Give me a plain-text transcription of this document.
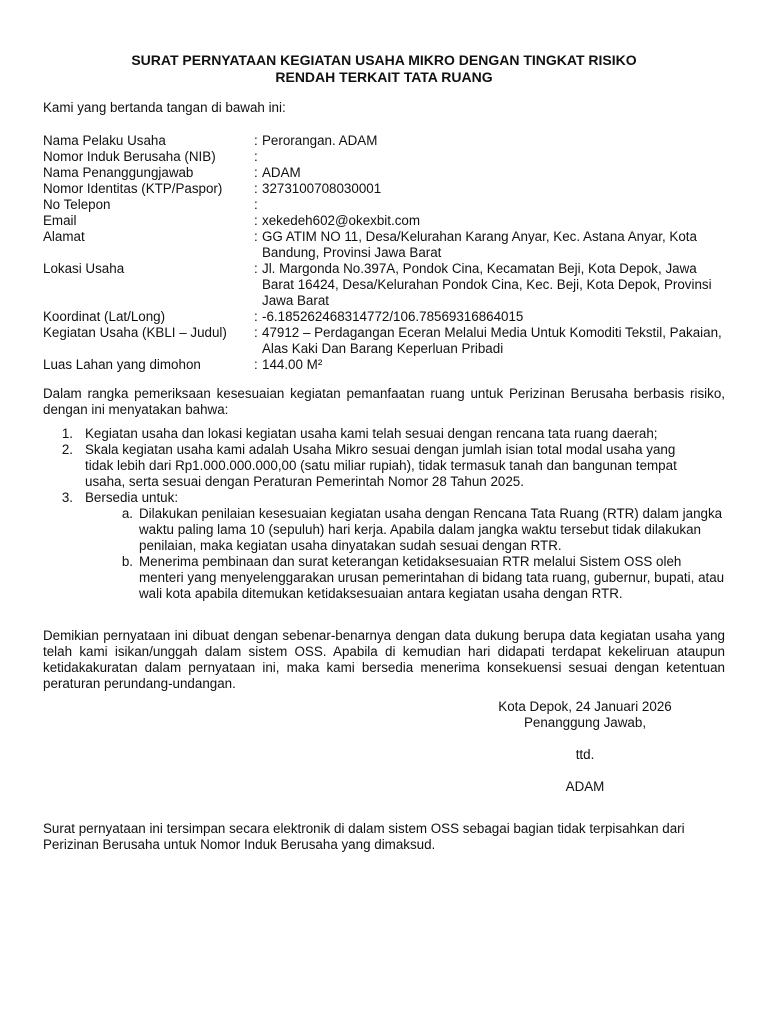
SURAT PERNYATAAN KEGIATAN USAHA MIKRO DENGAN TINGKAT RISIKO
RENDAH TERKAIT TATA RUANG
Kami yang bertanda tangan di bawah ini:
Nama Pelaku Usaha	: Perorangan. ADAM
Nomor Induk Berusaha (NIB)	:
Nama Penanggungjawab	: ADAM
Nomor Identitas (KTP/Paspor)	: 3273100708030001
No Telepon	:
Email	: xekedeh602@okexbit.com
Alamat	: GG ATIM NO 11, Desa/Kelurahan Karang Anyar, Kec. Astana Anyar, Kota Bandung, Provinsi Jawa Barat
Lokasi Usaha	: Jl. Margonda No.397A, Pondok Cina, Kecamatan Beji, Kota Depok, Jawa Barat 16424, Desa/Kelurahan Pondok Cina, Kec. Beji, Kota Depok, Provinsi Jawa Barat
Koordinat (Lat/Long)	: -6.185262468314772/106.78569316864015
Kegiatan Usaha (KBLI – Judul)	: 47912 – Perdagangan Eceran Melalui Media Untuk Komoditi Tekstil, Pakaian, Alas Kaki Dan Barang Keperluan Pribadi
Luas Lahan yang dimohon	: 144.00 M²
Dalam rangka pemeriksaan kesesuaian kegiatan pemanfaatan ruang untuk Perizinan Berusaha berbasis risiko, dengan ini menyatakan bahwa:
1. Kegiatan usaha dan lokasi kegiatan usaha kami telah sesuai dengan rencana tata ruang daerah;
2. Skala kegiatan usaha kami adalah Usaha Mikro sesuai dengan jumlah isian total modal usaha yang tidak lebih dari Rp1.000.000.000,00 (satu miliar rupiah), tidak termasuk tanah dan bangunan tempat usaha, serta sesuai dengan Peraturan Pemerintah Nomor 28 Tahun 2025.
3. Bersedia untuk:
a. Dilakukan penilaian kesesuaian kegiatan usaha dengan Rencana Tata Ruang (RTR) dalam jangka waktu paling lama 10 (sepuluh) hari kerja. Apabila dalam jangka waktu tersebut tidak dilakukan penilaian, maka kegiatan usaha dinyatakan sudah sesuai dengan RTR.
b. Menerima pembinaan dan surat keterangan ketidaksesuaian RTR melalui Sistem OSS oleh menteri yang menyelenggarakan urusan pemerintahan di bidang tata ruang, gubernur, bupati, atau wali kota apabila ditemukan ketidaksesuaian antara kegiatan usaha dengan RTR.
Demikian pernyataan ini dibuat dengan sebenar-benarnya dengan data dukung berupa data kegiatan usaha yang telah kami isikan/unggah dalam sistem OSS. Apabila di kemudian hari didapati terdapat kekeliruan ataupun ketidakakuratan dalam pernyataan ini, maka kami bersedia menerima konsekuensi sesuai dengan ketentuan peraturan perundang-undangan.
Kota Depok, 24 Januari 2026
Penanggung Jawab,
ttd.
ADAM
Surat pernyataan ini tersimpan secara elektronik di dalam sistem OSS sebagai bagian tidak terpisahkan dari Perizinan Berusaha untuk Nomor Induk Berusaha yang dimaksud.
